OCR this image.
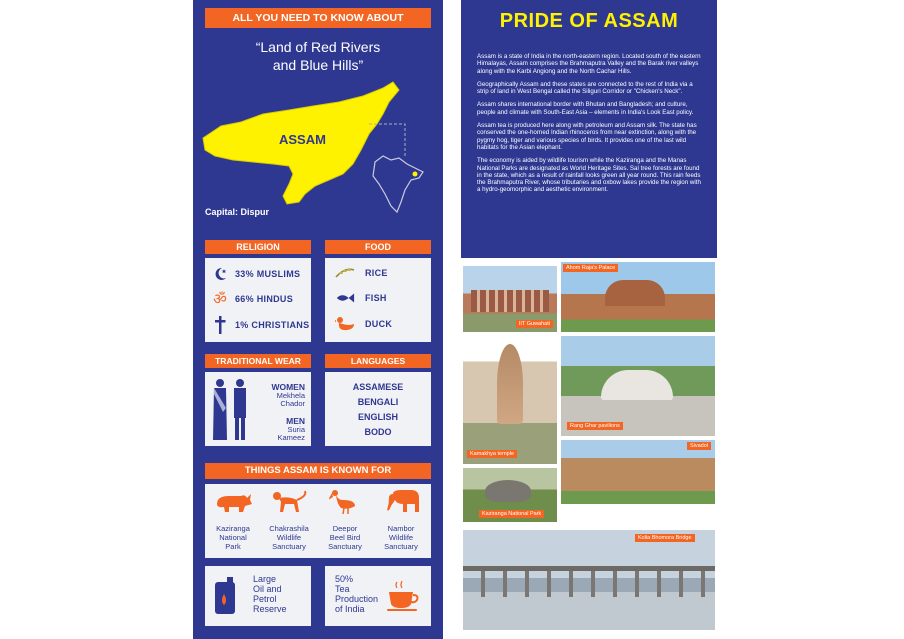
ALL YOU NEED TO KNOW ABOUT
“Land of Red Rivers
and Blue Hills”
ASSAM
Capital: Dispur
RELIGION
33% MUSLIMS
ॐ 66% HINDUS
1% CHRISTIANS
FOOD
RICE
FISH
DUCK
TRADITIONAL WEAR
WOMEN
Mekhela
Chador
MEN
Suria
Kameez
LANGUAGES
ASSAMESE
BENGALI
ENGLISH
BODO
THINGS ASSAM IS KNOWN FOR
Kaziranga
National
Park
Chakrashila
Wildlife
Sanctuary
Deepor
Beel Bird
Sanctuary
Nambor
Wildlife
Sanctuary
Large
Oil and
Petrol
Reserve
50%
Tea
Production
of India
PRIDE OF ASSAM

Assam is a state of India in the north-eastern region. Located south of the eastern Himalayas, Assam comprises the Brahmaputra Valley and the Barak river valleys along with the Karbi Angiong and the North Cachar Hills.

Geographically Assam and these states are connected to the rest of India via a strip of land in West Bengal called the Siliguri Corridor or "Chicken's Neck".

Assam shares international border with Bhutan and Bangladesh; and culture, people and climate with South-East Asia – elements in India's Look East policy.

Assam tea is produced here along with petroleum and Assam silk. The state has conserved the one-horned Indian rhinoceros from near extinction, along with the pygmy hog, tiger and various species of birds. It provides one of the last wild habitats for the Asian elephant.

The economy is aided by wildlife tourism while the Kaziranga and the Manas National Parks are designated as World Heritage Sites. Sal tree forests are found in the state, which as a result of rainfall looks green all year round. This rain feeds the Brahmaputra River, whose tributaries and oxbow lakes provide the region with a hydro-geomorphic and aesthetic environment.

IIT Guwahati
Ahom Raja's Palace
Kamakhya temple
Rang Ghar pavilions
Sivadol
Kaziranga National Park
Kolia Bhomora Bridge
